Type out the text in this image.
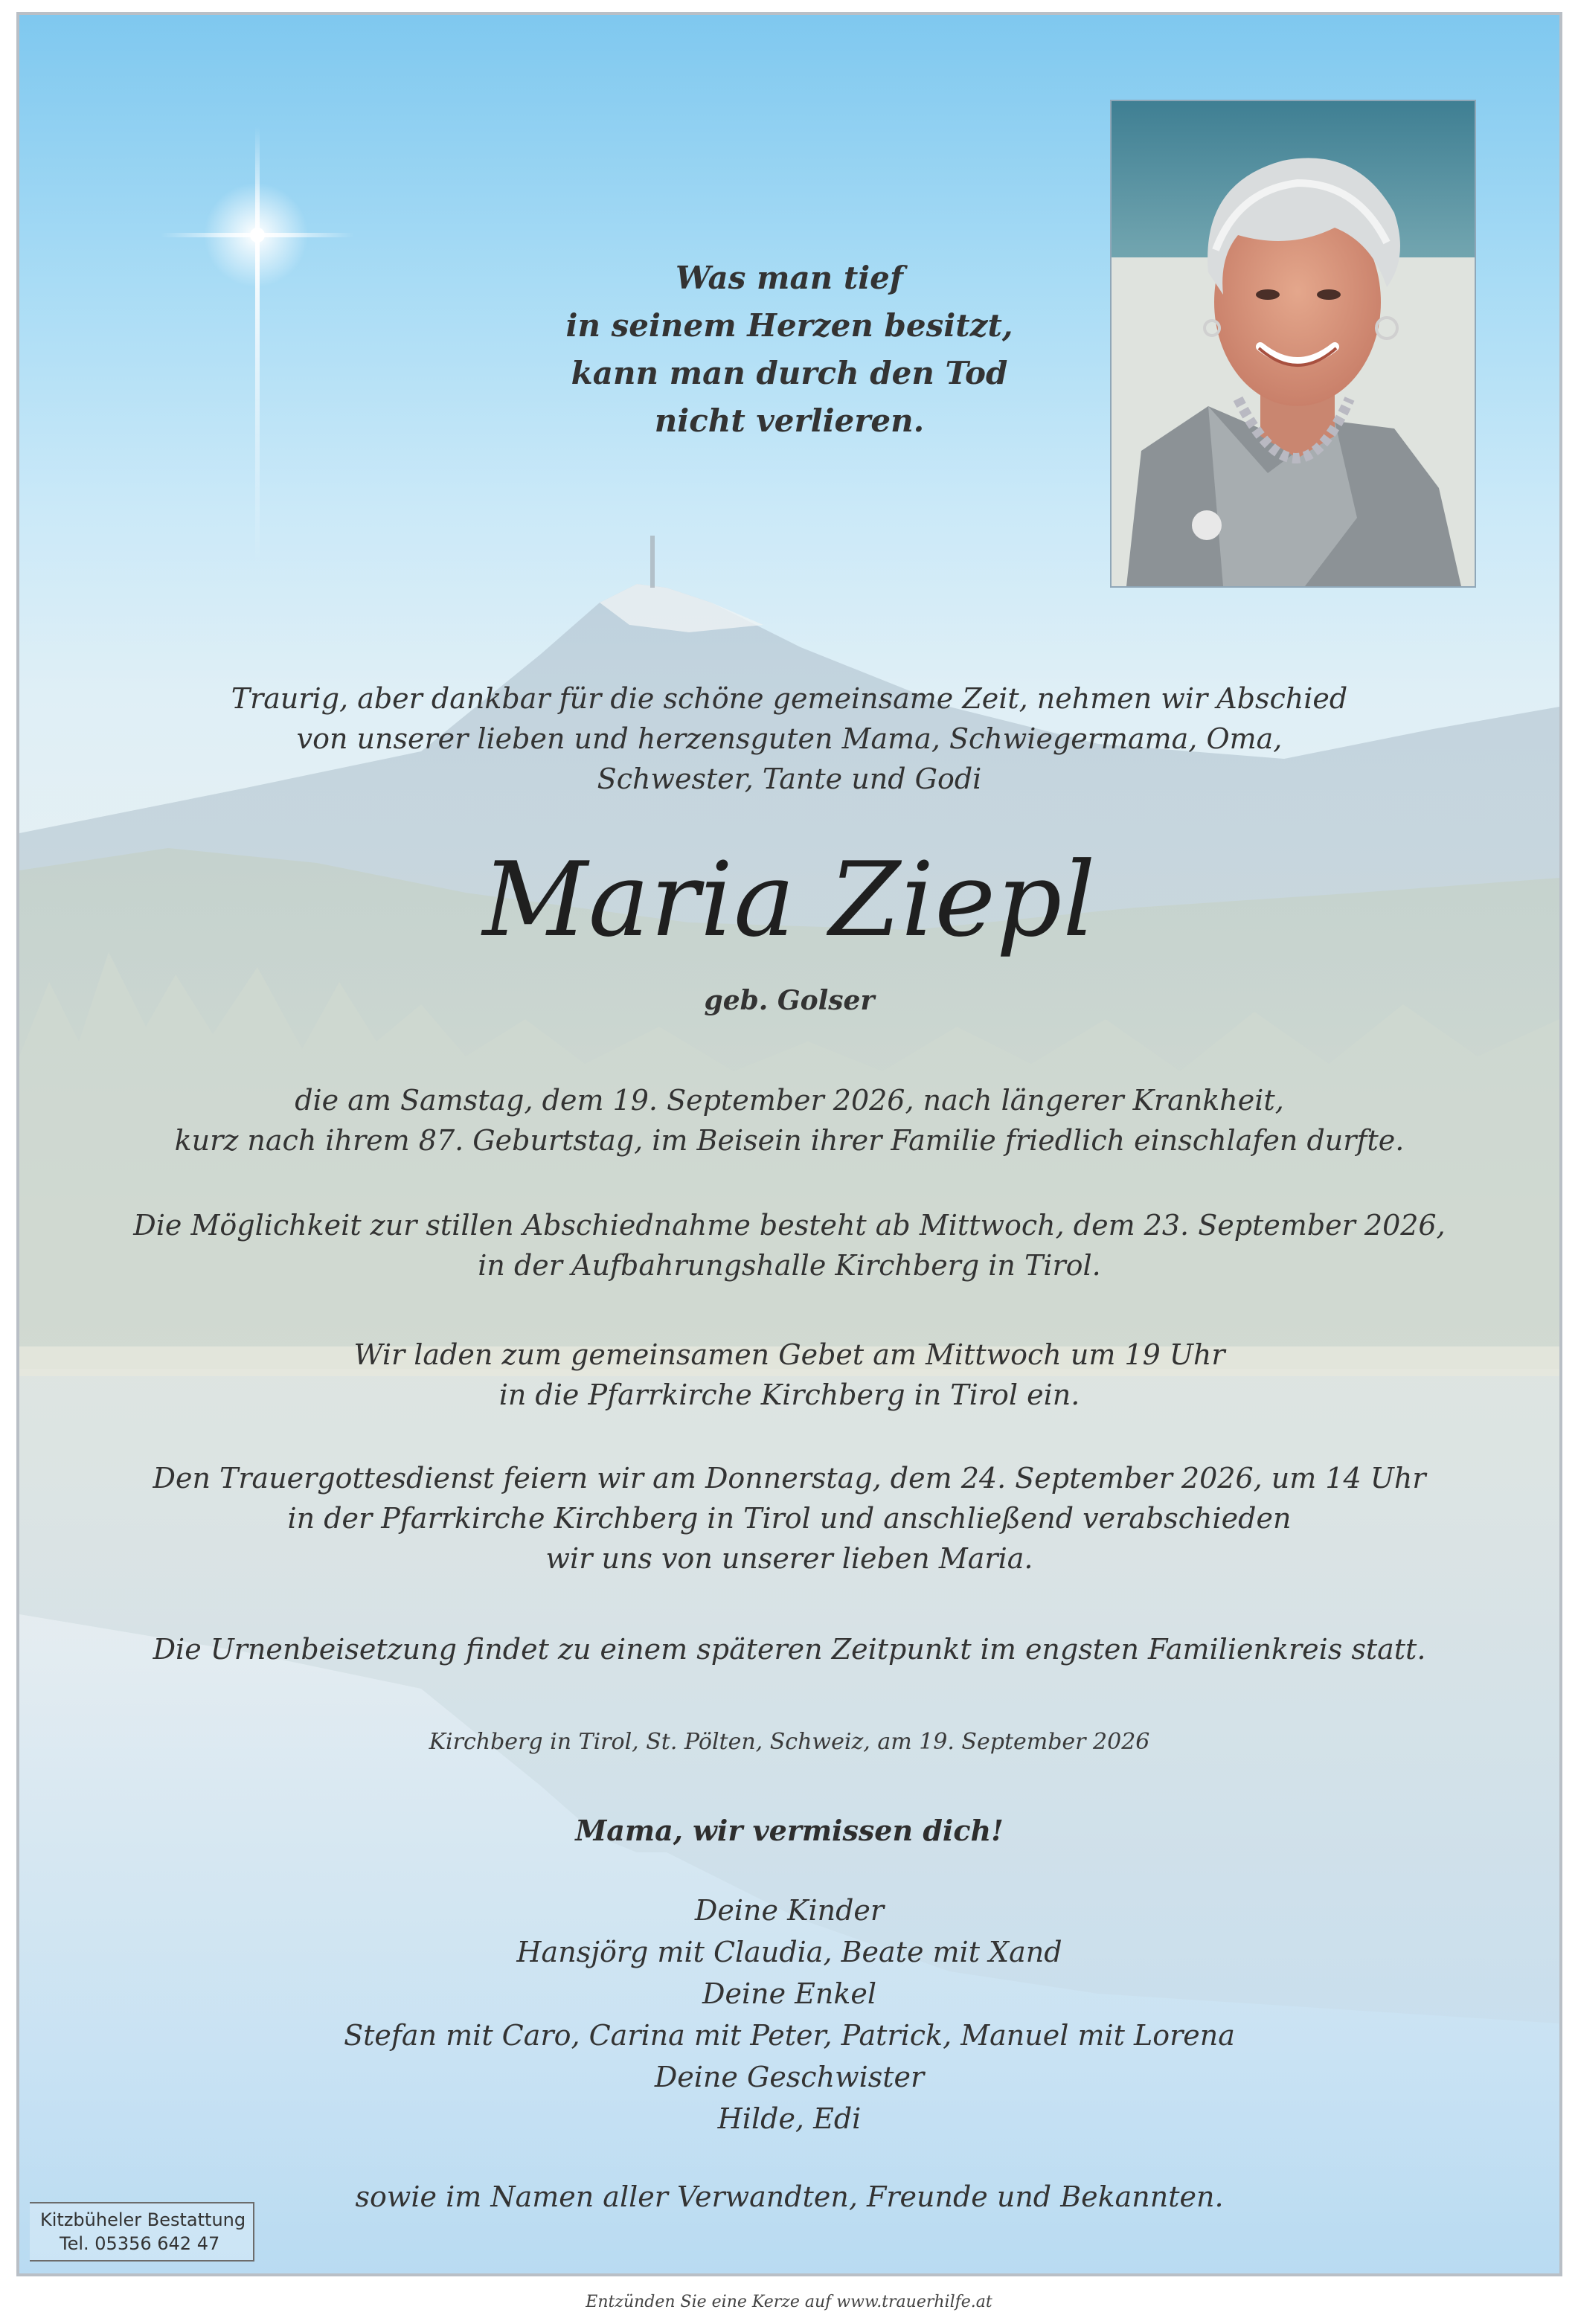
Was man tief
in seinem Herzen besitzt,
kann man durch den Tod
nicht verlieren.
Traurig, aber dankbar für die schöne gemeinsame Zeit, nehmen wir Abschied
von unserer lieben und herzensguten Mama, Schwiegermama, Oma,
Schwester, Tante und Godi
Maria Ziepl
geb. Golser
die am Samstag, dem 19. September 2026, nach längerer Krankheit,
kurz nach ihrem 87. Geburtstag, im Beisein ihrer Familie friedlich einschlafen durfte.
Die Möglichkeit zur stillen Abschiednahme besteht ab Mittwoch, dem 23. September 2026,
in der Aufbahrungshalle Kirchberg in Tirol.
Wir laden zum gemeinsamen Gebet am Mittwoch um 19 Uhr
in die Pfarrkirche Kirchberg in Tirol ein.
Den Trauergottesdienst feiern wir am Donnerstag, dem 24. September 2026, um 14 Uhr
in der Pfarrkirche Kirchberg in Tirol und anschließend verabschieden
wir uns von unserer lieben Maria.
Die Urnenbeisetzung findet zu einem späteren Zeitpunkt im engsten Familienkreis statt.
Kirchberg in Tirol, St. Pölten, Schweiz, am 19. September 2026
Mama, wir vermissen dich!
Deine Kinder
Hansjörg mit Claudia, Beate mit Xand
Deine Enkel
Stefan mit Caro, Carina mit Peter, Patrick, Manuel mit Lorena
Deine Geschwister
Hilde, Edi
sowie im Namen aller Verwandten, Freunde und Bekannten.
Kitzbüheler Bestattung
Tel. 05356 642 47
Entzünden Sie eine Kerze auf www.trauerhilfe.at
